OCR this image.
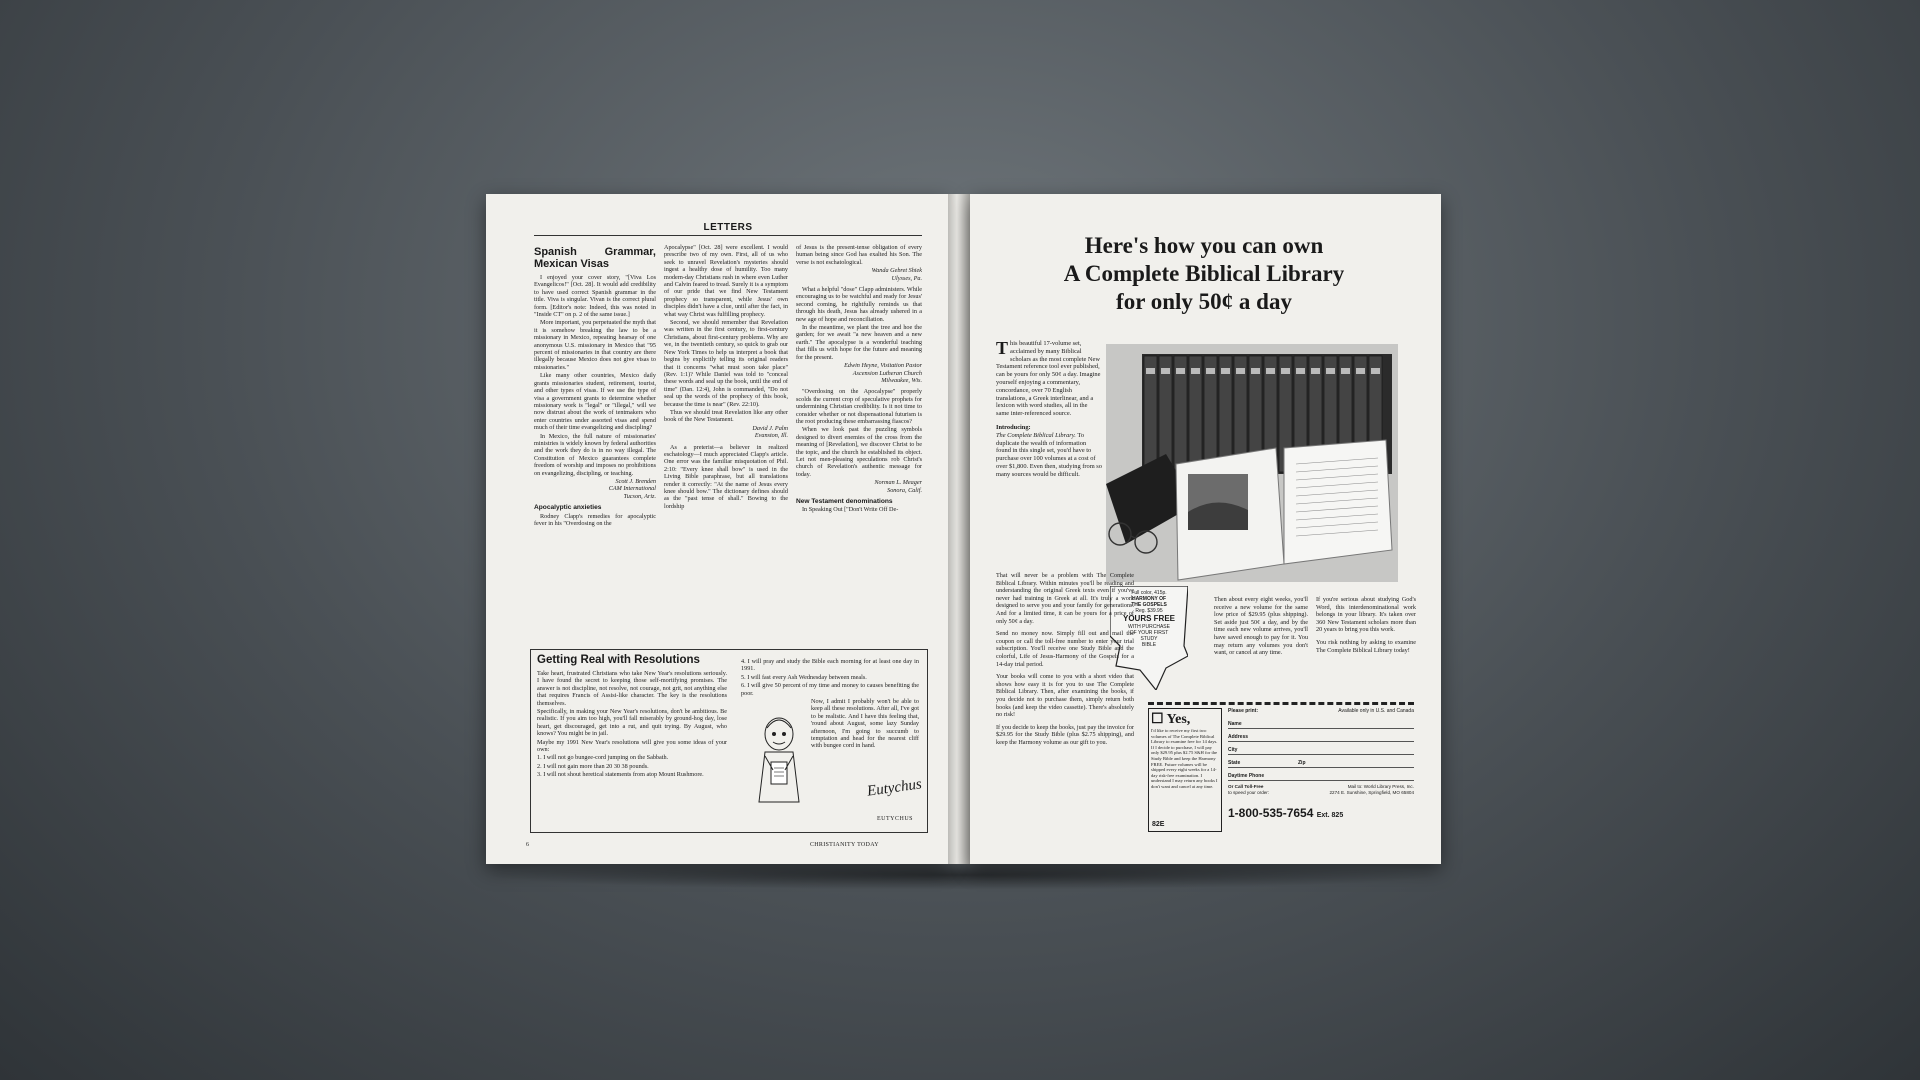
LETTERS
Spanish Grammar, Mexican Visas

I enjoyed your cover story, "[Viva Los Evangelicos!" [Oct. 28]. It would add credibility to have used correct Spanish grammar in the title. Viva is singular. Vivan is the correct plural form. [Editor's note: Indeed, this was noted in "Inside CT" on p. 2 of the same issue.]

More important, you perpetuated the myth that it is somehow breaking the law to be a missionary in Mexico, repeating hearsay of one anonymous U.S. missionary in Mexico that "95 percent of missionaries in that country are there illegally because Mexico does not give visas to missionaries."

Like many other countries, Mexico daily grants missionaries student, retirement, tourist, and other types of visas. If we use the type of visa a government grants to determine whether missionary work is "legal" or "illegal," will we now distrust about the work of tentmakers who enter countries under assorted visas and spend much of their time evangelizing and discipling?

In Mexico, the full nature of missionaries' ministries is widely known by federal authorities and the work they do is in no way illegal. The Constitution of Mexico guarantees complete freedom of worship and imposes no prohibitions on evangelizing, discipling, or teaching.

Scott J. Brenden
CAM International
Tucson, Ariz.

Apocalyptic anxieties

Rodney Clapp's remedies for apocalyptic fever in his "Overdosing on the

Apocalypse" [Oct. 28] were excellent. I would prescribe two of my own. First, all of us who seek to unravel Revelation's mysteries should ingest a healthy dose of humility. Too many modern-day Christians rush in where even Luther and Calvin feared to tread. Surely it is a symptom of our pride that we find New Testament prophecy so transparent, while Jesus' own disciples didn't have a clue, until after the fact, in what way Christ was fulfilling prophecy.

Second, we should remember that Revelation was written in the first century, to first-century Christians, about first-century problems. Why are we, in the twentieth century, so quick to grab our New York Times to help us interpret a book that begins by explicitly telling its original readers that it concerns "what must soon take place" (Rev. 1:1)? While Daniel was told to "conceal these words and seal up the book, until the end of time" (Dan. 12:4), John is commanded, "Do not seal up the words of the prophecy of this book, because the time is near" (Rev. 22:10).

Thus we should treat Revelation like any other book of the New Testament.

David J. Palm
Evanston, Ill.

As a preterist—a believer in realized eschatology—I much appreciated Clapp's article. One error was the familiar misquotation of Phil. 2:10: "Every knee shall bow" is used in the Living Bible paraphrase, but all translations render it correctly: "At the name of Jesus every knee should bow." The dictionary defines should as the "past tense of shall." Bowing to the lordship

of Jesus is the present-tense obligation of every human being since God has exalted his Son. The verse is not eschatological.

Wanda Gebret Shiek
Ulysses, Pa.

What a helpful "dose" Clapp administers. While encouraging us to be watchful and ready for Jesus' second coming, he rightfully reminds us that through his death, Jesus has already ushered in a new age of hope and reconciliation.

In the meantime, we plant the tree and hoe the garden; for we await "a new heaven and a new earth." The apocalypse is a wonderful teaching that fills us with hope for the future and meaning for the present.

Edwin Heyne, Visitation Pastor
Ascension Lutheran Church
Milwaukee, Wis.

"Overdosing on the Apocalypse" properly scolds the current crop of speculative prophets for undermining Christian credibility. Is it not time to consider whether or not dispensational futurism is the root producing these embarrassing fiascos?

When we look past the puzzling symbols designed to divert enemies of the cross from the meaning of [Revelation], we discover Christ to be the topic, and the church he established its object. Let not men-pleasing speculations rob Christ's church of Revelation's authentic message for today.

Norman L. Meager
Sonora, Calif.

New Testament denominations

In Speaking Out ["Don't Write Off De-

Getting Real with Resolutions

Take heart, frustrated Christians who take New Year's resolutions seriously. I have found the secret to keeping those self-mortifying promises. The answer is not discipline, not resolve, not courage, not grit, not anything else that requires Francis of Assisi-like character. The key is the resolutions themselves.

Specifically, in making your New Year's resolutions, don't be ambitious. Be realistic. If you aim too high, you'll fall miserably by ground-hog day, lose heart, get discouraged, get into a rut, and quit trying. By August, who knows? You might be in jail.

Maybe my 1991 New Year's resolutions will give you some ideas of your own:

1. I will not go bungee-cord jumping on the Sabbath.

2. I will not gain more than 20 30 38 pounds.

3. I will not shout heretical statements from atop Mount Rushmore.

4. I will pray and study the Bible each morning for at least one day in 1991.

5. I will fast every Ash Wednesday between meals.

6. I will give 50 percent of my time and money to causes benefiting the poor.

Now, I admit I probably won't be able to keep all these resolutions. After all, I've got to be realistic. And I have this feeling that, 'round about August, some lazy Sunday afternoon, I'm going to succumb to temptation and head for the nearest cliff with bungee cord in hand.

Eutychus
EUTYCHUS
6	CHRISTIANITY TODAY
Here's how you can own
A Complete Biblical Library
for only 50¢ a day

This beautiful 17-volume set, acclaimed by many Biblical scholars as the most complete New Testament reference tool ever published, can be yours for only 50¢ a day. Imagine yourself enjoying a commentary, concordance, over 70 English translations, a Greek interlinear, and a lexicon with word studies, all in the same inter-referenced source.

Introducing:

The Complete Biblical Library. To duplicate the wealth of information found in this single set, you'd have to purchase over 100 volumes at a cost of over $1,800. Even then, studying from so many sources would be difficult.

Full color, 415p.
HARMONY OF
THE GOSPELS
Reg. $39.95
YOURS FREE
WITH PURCHASE
OF YOUR FIRST
STUDY
BIBLE

That will never be a problem with The Complete Biblical Library. Within minutes you'll be reading and understanding the original Greek texts even if you've never had training in Greek at all. It's truly a work designed to serve you and your family for generations. And for a limited time, it can be yours for a price of only 50¢ a day.

Send no money now. Simply fill out and mail the coupon or call the toll-free number to enter your trial subscription. You'll receive one Study Bible and the colorful, Life of Jesus-Harmony of the Gospels for a 14-day trial period.

Your books will come to you with a short video that shows how easy it is for you to use The Complete Biblical Library. Then, after examining the books, if you decide not to purchase them, simply return both books (and keep the video cassette). There's absolutely no risk!

If you decide to keep the books, just pay the invoice for $29.95 for the Study Bible (plus $2.75 shipping), and keep the Harmony volume as our gift to you.

Then about every eight weeks, you'll receive a new volume for the same low price of $29.95 (plus shipping). Set aside just 50¢ a day, and by the time each new volume arrives, you'll have saved enough to pay for it. You may return any volumes you don't want, or cancel at any time.

If you're serious about studying God's Word, this interdenominational work belongs in your library. It's taken over 360 New Testament scholars more than 20 years to bring you this work.

You risk nothing by asking to examine The Complete Biblical Library today!

☐ Yes,
I'd like to receive my first two volumes of The Complete Biblical Library to examine free for 14 days. If I decide to purchase, I will pay only $29.95 plus $2.75 S&H for the Study Bible and keep the Harmony FREE. Future volumes will be shipped every eight weeks for a 14-day risk-free examination. I understand I may return any books I don't want and cancel at any time.
82E
Please print:	Available only in U.S. and Canada
Name
Address
City
State	Zip
Daytime Phone
Or Call Toll-Free	Mail to: World Library Press, Inc.
to speed your order:	2274 E. Sunshine, Springfield, MO 65804
1-800-535-7654 Ext. 825
